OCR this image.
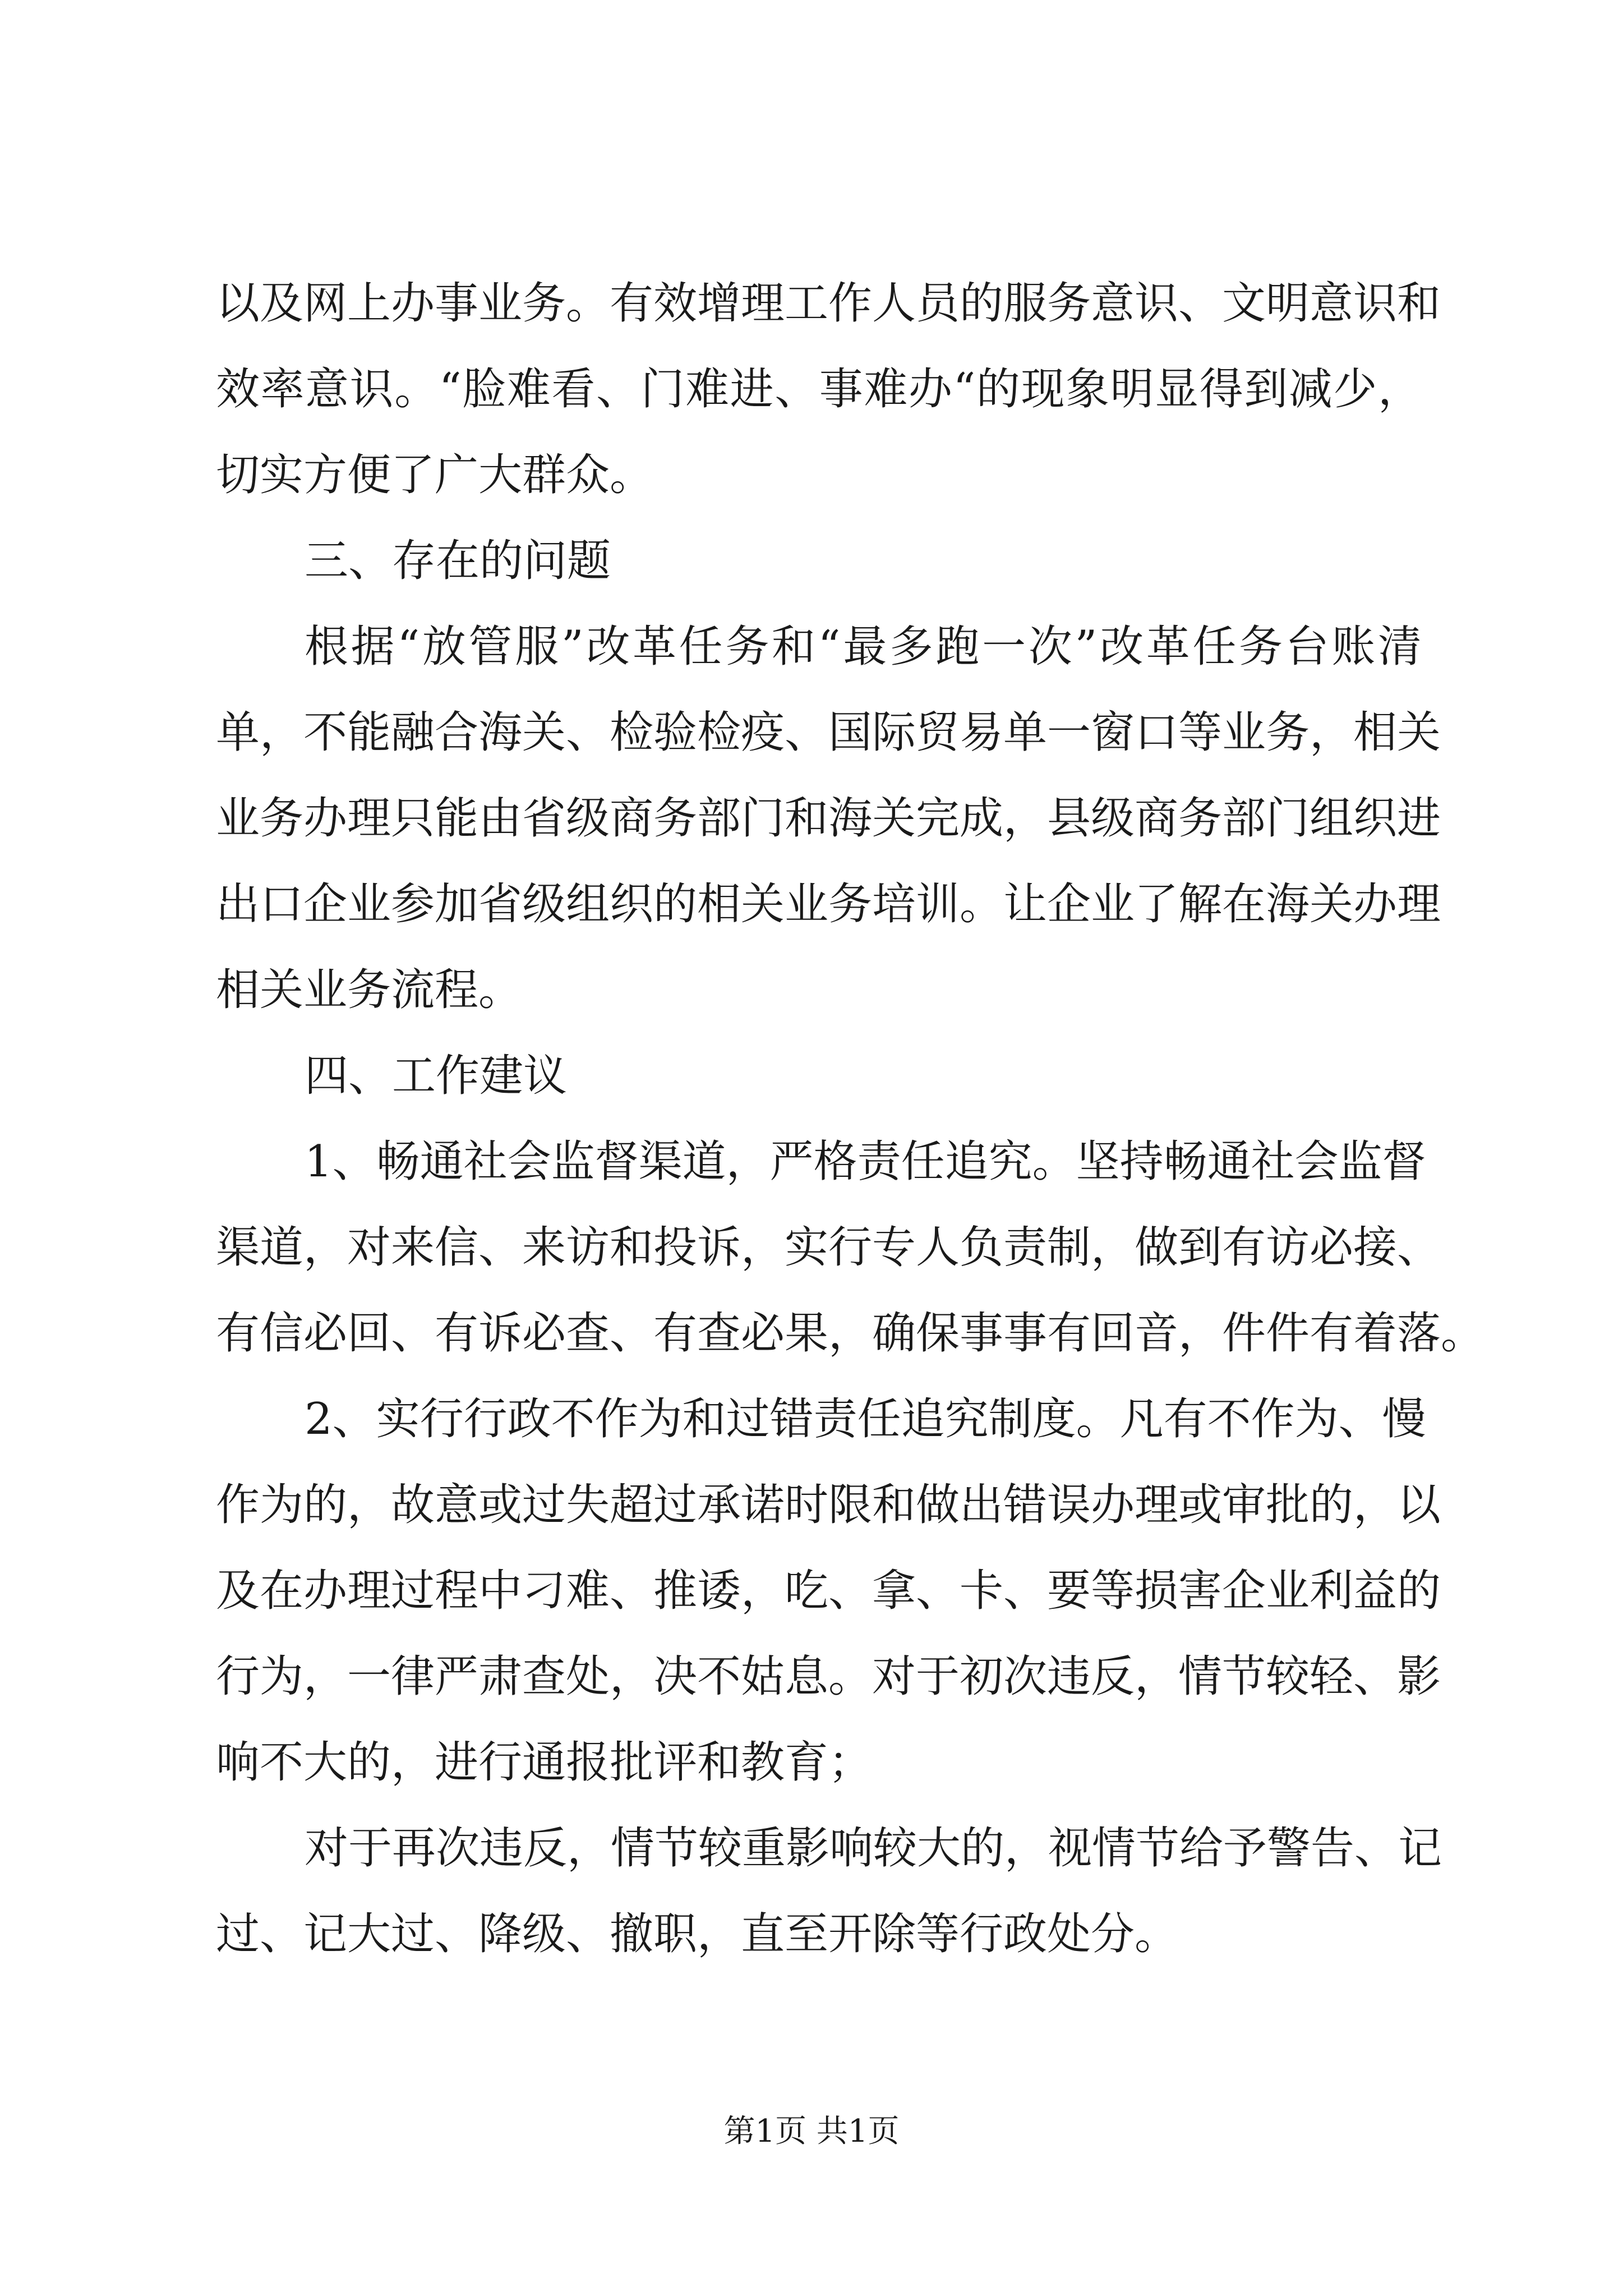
以及网上办事业务。有效增理工作人员的服务意识、文明意识和
效率意识。“脸难看、门难进、事难办“的现象明显得到减少，
切实方便了广大群众。
三、存在的问题
根据“放管服”改革任务和“最多跑一次”改革任务台账清
单，不能融合海关、检验检疫、国际贸易单一窗口等业务，相关
业务办理只能由省级商务部门和海关完成，县级商务部门组织进
出口企业参加省级组织的相关业务培训。让企业了解在海关办理
相关业务流程。
四、工作建议
1、畅通社会监督渠道，严格责任追究。坚持畅通社会监督
渠道，对来信、来访和投诉，实行专人负责制，做到有访必接、
有信必回、有诉必查、有查必果，确保事事有回音，件件有着落。
2、实行行政不作为和过错责任追究制度。凡有不作为、慢
作为的，故意或过失超过承诺时限和做出错误办理或审批的，以
及在办理过程中刁难、推诿，吃、拿、卡、要等损害企业利益的
行为，一律严肃查处，决不姑息。对于初次违反，情节较轻、影
响不大的，进行通报批评和教育；
对于再次违反，情节较重影响较大的，视情节给予警告、记
过、记大过、降级、撤职，直至开除等行政处分。
第1页 共1页
